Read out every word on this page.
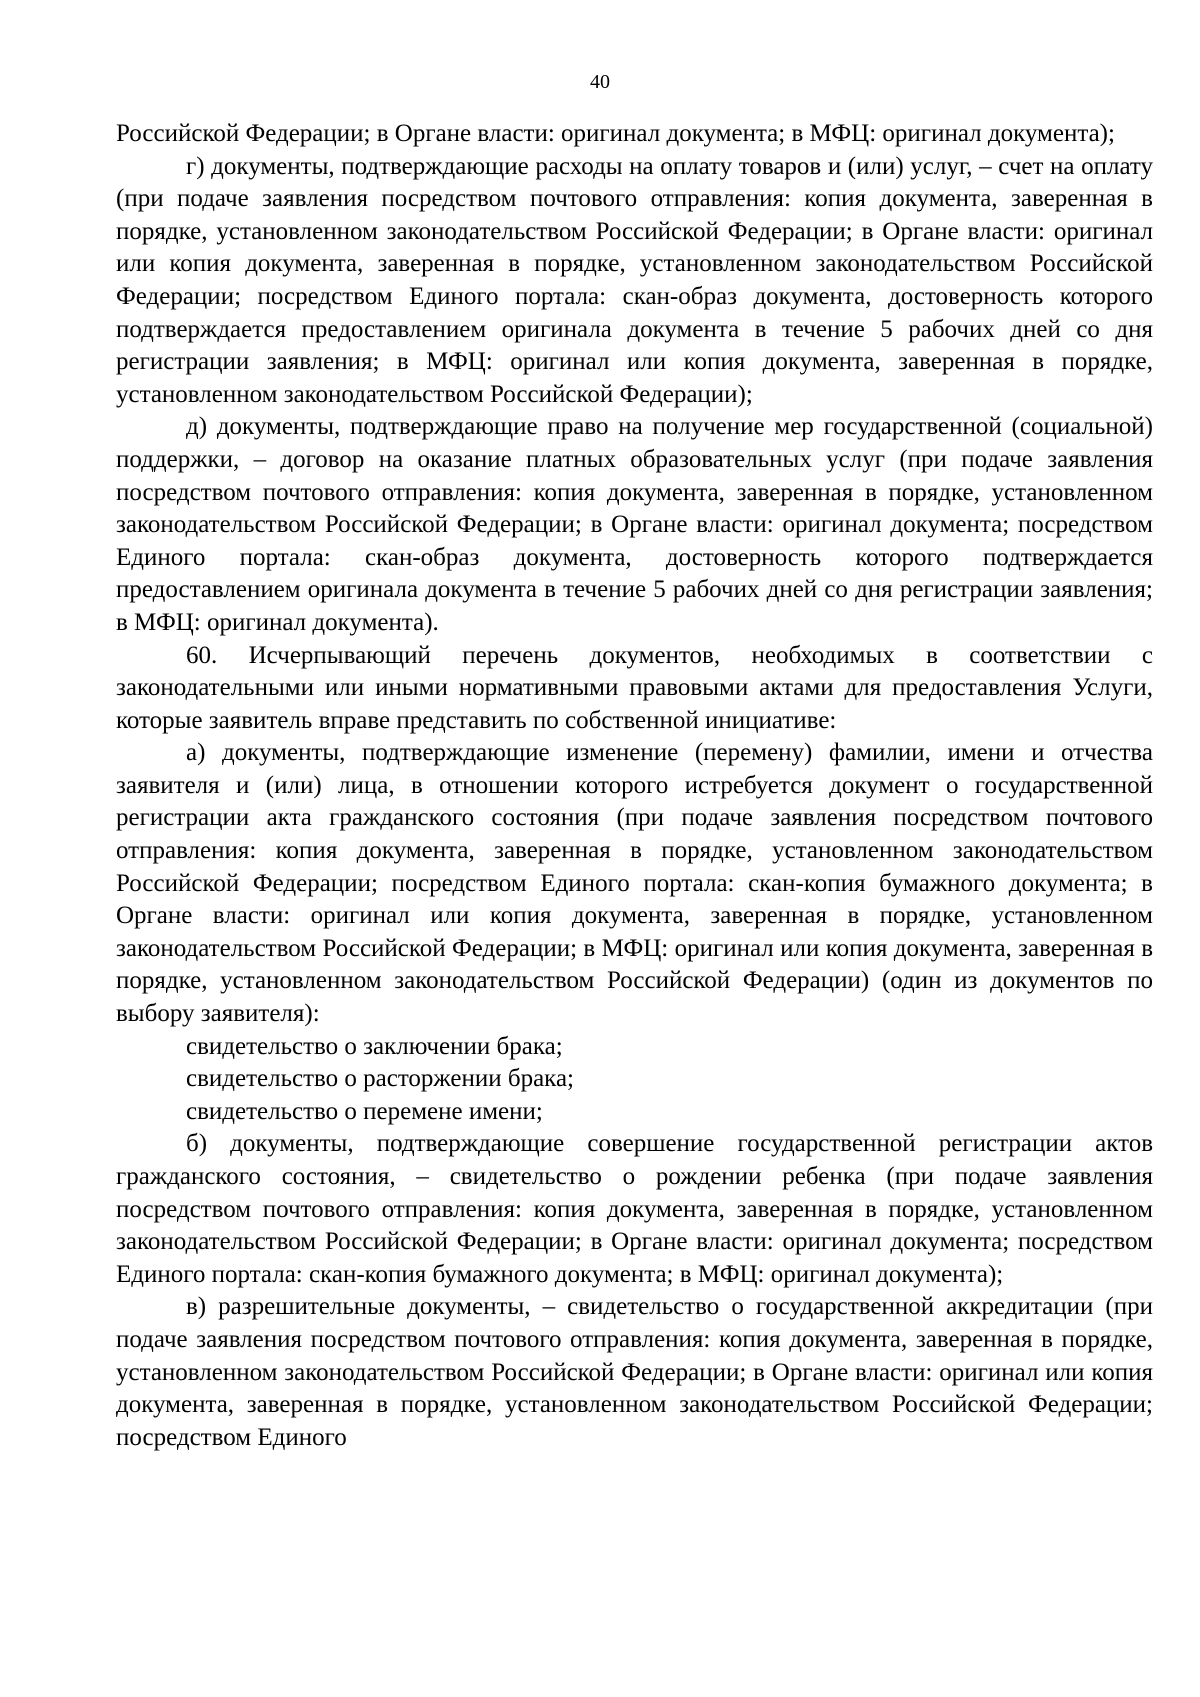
40

Российской Федерации; в Органе власти: оригинал документа; в МФЦ: оригинал документа);

г) документы, подтверждающие расходы на оплату товаров и (или) услуг, – счет на оплату (при подаче заявления посредством почтового отправления: копия документа, заверенная в порядке, установленном законодательством Российской Федерации; в Органе власти: оригинал или копия документа, заверенная в порядке, установленном законодательством Российской Федерации; посредством Единого портала: скан-образ документа, достоверность которого подтверждается предоставлением оригинала документа в течение 5 рабочих дней со дня регистрации заявления; в МФЦ: оригинал или копия документа, заверенная в порядке, установленном законодательством Российской Федерации);

д) документы, подтверждающие право на получение мер государственной (социальной) поддержки, – договор на оказание платных образовательных услуг (при подаче заявления посредством почтового отправления: копия документа, заверенная в порядке, установленном законодательством Российской Федерации; в Органе власти: оригинал документа; посредством Единого портала: скан-образ документа, достоверность которого подтверждается предоставлением оригинала документа в течение 5 рабочих дней со дня регистрации заявления; в МФЦ: оригинал документа).

60. Исчерпывающий перечень документов, необходимых в соответствии с законодательными или иными нормативными правовыми актами для предоставления Услуги, которые заявитель вправе представить по собственной инициативе:

а) документы, подтверждающие изменение (перемену) фамилии, имени и отчества заявителя и (или) лица, в отношении которого истребуется документ о государственной регистрации акта гражданского состояния (при подаче заявления посредством почтового отправления: копия документа, заверенная в порядке, установленном законодательством Российской Федерации; посредством Единого портала: скан-копия бумажного документа; в Органе власти: оригинал или копия документа, заверенная в порядке, установленном законодательством Российской Федерации; в МФЦ: оригинал или копия документа, заверенная в порядке, установленном законодательством Российской Федерации) (один из документов по выбору заявителя):

свидетельство о заключении брака;

свидетельство о расторжении брака;

свидетельство о перемене имени;

б) документы, подтверждающие совершение государственной регистрации актов гражданского состояния, – свидетельство о рождении ребенка (при подаче заявления посредством почтового отправления: копия документа, заверенная в порядке, установленном законодательством Российской Федерации; в Органе власти: оригинал документа; посредством Единого портала: скан-копия бумажного документа; в МФЦ: оригинал документа);

в) разрешительные документы, – свидетельство о государственной аккредитации (при подаче заявления посредством почтового отправления: копия документа, заверенная в порядке, установленном законодательством Российской Федерации; в Органе власти: оригинал или копия документа, заверенная в порядке, установленном законодательством Российской Федерации; посредством Единого
